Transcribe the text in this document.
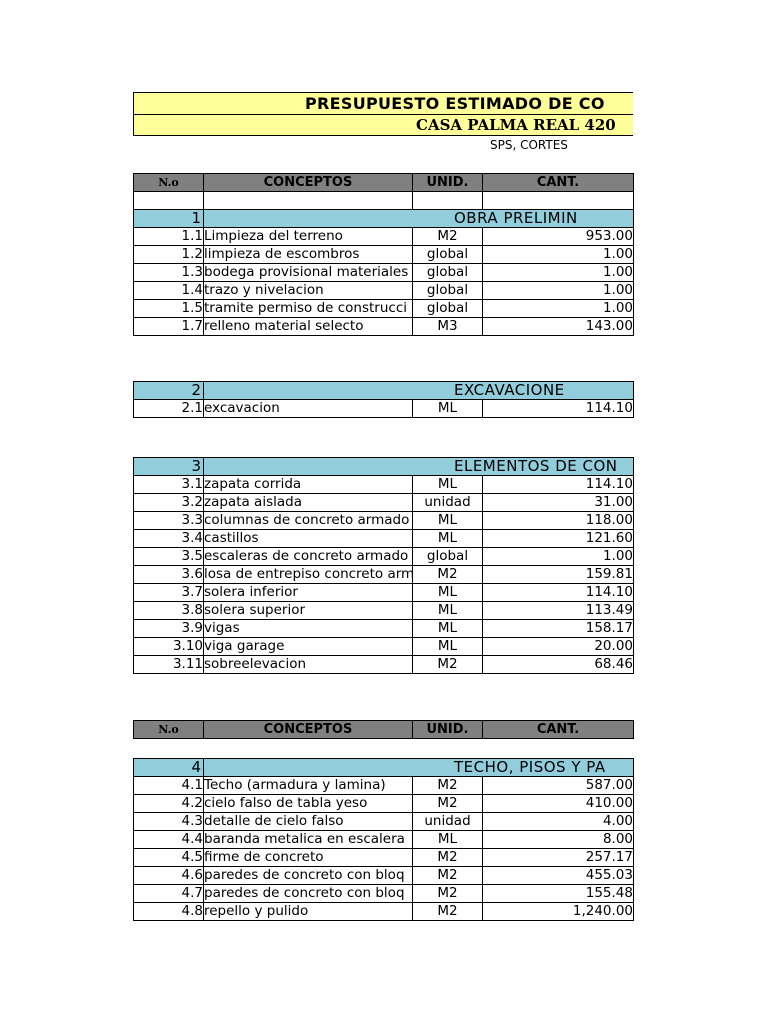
PRESUPUESTO ESTIMADO DE CO
CASA PALMA REAL 420
SPS, CORTES
N.o	CONCEPTOS	UNID.	CANT.

1	OBRA PRELIMIN		
1.1	Limpieza del terreno	M2	953.00
1.2	limpieza de escombros	global	1.00
1.3	bodega provisional materiales	global	1.00
1.4	trazo y nivelacion	global	1.00
1.5	tramite permiso de construcci	global	1.00
1.7	relleno material selecto	M3	143.00
2	EXCAVACIONE		
2.1	excavacion	ML	114.10
3	ELEMENTOS DE CON		
3.1	zapata corrida	ML	114.10
3.2	zapata aislada	unidad	31.00
3.3	columnas de concreto armado	ML	118.00
3.4	castillos	ML	121.60
3.5	escaleras de concreto armado	global	1.00
3.6	losa de entrepiso concreto arm	M2	159.81
3.7	solera inferior	ML	114.10
3.8	solera superior	ML	113.49
3.9	vigas	ML	158.17
3.10	viga garage	ML	20.00
3.11	sobreelevacion	M2	68.46
N.o	CONCEPTOS	UNID.	CANT.
4	TECHO, PISOS Y PA		
4.1	Techo (armadura y lamina)	M2	587.00
4.2	cielo falso de tabla yeso	M2	410.00
4.3	detalle de cielo falso	unidad	4.00
4.4	baranda metalica en escalera	ML	8.00
4.5	firme de concreto	M2	257.17
4.6	paredes de concreto con bloq	M2	455.03
4.7	paredes de concreto con bloq	M2	155.48
4.8	repello y pulido	M2	1,240.00
